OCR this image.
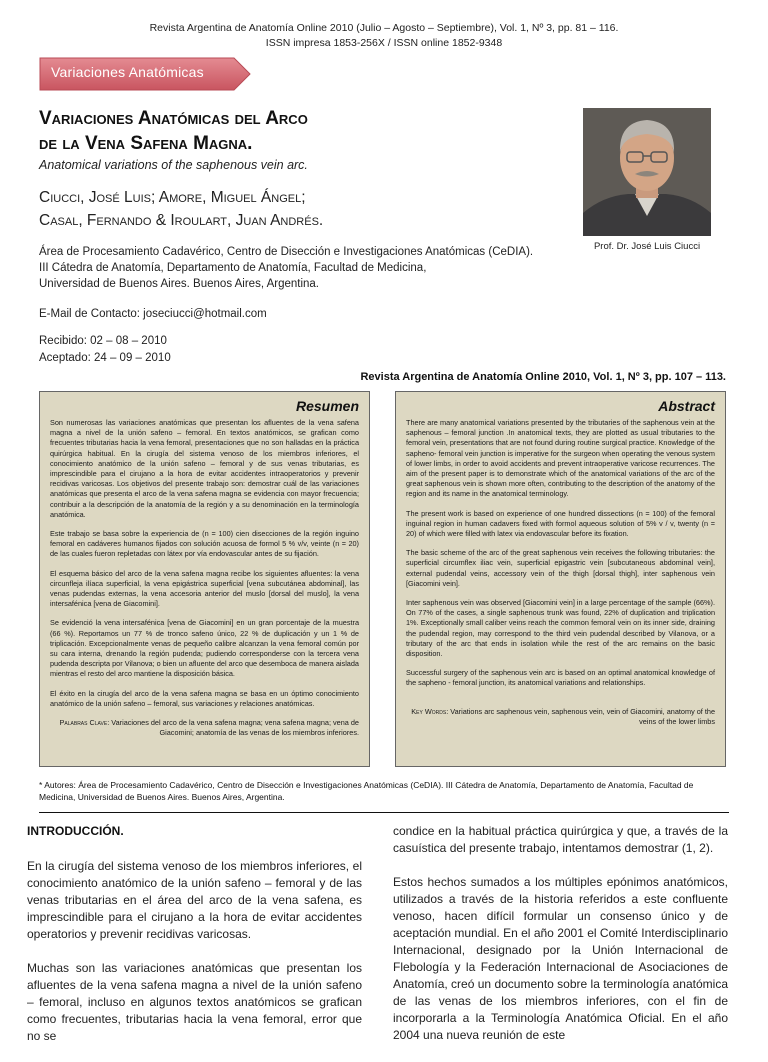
Revista Argentina de Anatomía Online 2010 (Julio – Agosto – Septiembre), Vol. 1, Nº 3, pp. 81 – 116.
ISSN impresa 1853-256X / ISSN online 1852-9348
Variaciones Anatómicas
Variaciones Anatómicas del Arco
de la Vena Safena Magna.
Anatomical variations of the saphenous vein arc.
Ciucci, José Luis; Amore, Miguel Ángel;
Casal, Fernando & Iroulart, Juan Andrés.
Área de Procesamiento Cadavérico, Centro de Disección e Investigaciones Anatómicas (CeDIA).
III Cátedra de Anatomía, Departamento de Anatomía, Facultad de Medicina,
Universidad de Buenos Aires. Buenos Aires, Argentina.
E-Mail de Contacto: joseciucci@hotmail.com
Recibido: 02 – 08 – 2010
Aceptado: 24 – 09 – 2010
Prof. Dr. José Luis Ciucci
Revista Argentina de Anatomía Online 2010, Vol. 1, Nº 3, pp. 107 – 113.
Resumen

Son numerosas las variaciones anatómicas que presentan los afluentes de la vena safena magna a nivel de la unión safeno – femoral. En textos anatómicos, se grafican como frecuentes tributarias hacia la vena femoral, presentaciones que no son halladas en la práctica quirúrgica habitual. En la cirugía del sistema venoso de los miembros inferiores, el conocimiento anatómico de la unión safeno – femoral y de sus venas tributarias, es imprescindible para el cirujano a la hora de evitar accidentes intraoperatorios y prevenir recidivas varicosas. Los objetivos del presente trabajo son: demostrar cuál de las variaciones anatómicas que presenta el arco de la vena safena magna se evidencia con mayor frecuencia; contribuir a la descripción de la anatomía de la región y a su denominación en la terminología anatómica.

Este trabajo se basa sobre la experiencia de (n = 100) cien disecciones de la región inguino femoral en cadáveres humanos fijados con solución acuosa de formol 5 % v/v, veinte (n = 20) de las cuales fueron repletadas con látex por vía endovascular antes de su fijación.

El esquema básico del arco de la vena safena magna recibe los siguientes afluentes: la vena circunfleja ilíaca superficial, la vena epigástrica superficial [vena subcutánea abdominal], las venas pudendas externas, la vena accesoria anterior del muslo [dorsal del muslo], la vena intersafénica [vena de Giacomini].

Se evidenció la vena intersafénica [vena de Giacomini] en un gran porcentaje de la muestra (66 %). Reportamos un 77 % de tronco safeno único, 22 % de duplicación y un 1 % de triplicación. Excepcionalmente venas de pequeño calibre alcanzan la vena femoral común por su cara interna, drenando la región pudenda; pudiendo corresponderse con la tercera vena pudenda descripta por Vilanova; o bien un afluente del arco que desemboca de manera aislada mientras el resto del arco mantiene la disposición básica.

El éxito en la cirugía del arco de la vena safena magna se basa en un óptimo conocimiento anatómico de la unión safeno – femoral, sus variaciones y relaciones anatómicas.

Palabras Clave: Variaciones del arco de la vena safena magna; vena safena magna; vena de Giacomini; anatomía de las venas de los miembros inferiores.

Abstract

There are many anatomical variations presented by the tributaries of the saphenous vein at the saphenous – femoral junction .In anatomical texts, they are plotted as usual tributaries to the femoral vein, presentations that are not found during routine surgical practice. Knowledge of the sapheno- femoral vein junction is imperative for the surgeon when operating the venous system of lower limbs, in order to avoid accidents and prevent intraoperative varicose recurrences. The aim of the present paper is to demonstrate which of the anatomical variations of the arc of the great saphenous vein is shown more often, contributing to the description of the anatomy of the region and its name in the anatomical terminology.

The present work is based on experience of one hundred dissections (n = 100) of the femoral inguinal region in human cadavers fixed with formol aqueous solution of 5% v / v, twenty (n = 20) of which were filled with latex via endovascular before its fixation.

The basic scheme of the arc of the great saphenous vein receives the following tributaries: the superficial circumflex iliac vein, superficial epigastric vein [subcutaneous abdominal vein], external pudendal veins, accessory vein of the thigh [dorsal thigh], inter saphenous vein [Giacomini vein].

Inter saphenous vein was observed [Giacomini vein] in a large percentage of the sample (66%). On 77% of the cases, a single saphenous trunk was found, 22% of duplication and triplication 1%. Exceptionally small caliber veins reach the common femoral vein on its inner side, draining the pudendal region, may correspond to the third vein pudendal described by Vilanova, or a tributary of the arc that ends in isolation while the rest of the arc remains on the basic disposition.

Successful surgery of the saphenous vein arc is based on an optimal anatomical knowledge of the sapheno - femoral junction, its anatomical variations and relationships.

Key Words: Variations arc saphenous vein, saphenous vein, vein of Giacomini, anatomy of the veins of the lower limbs

* Autores: Área de Procesamiento Cadavérico, Centro de Disección e Investigaciones Anatómicas (CeDIA). III Cátedra de Anatomía, Departamento de Anatomía, Facultad de Medicina, Universidad de Buenos Aires. Buenos Aires, Argentina.
INTRODUCCIÓN.

En la cirugía del sistema venoso de los miembros inferiores, el conocimiento anatómico de la unión safeno – femoral y de las venas tributarias en el área del arco de la vena safena, es imprescindible para el cirujano a la hora de evitar accidentes operatorios y prevenir recidivas varicosas.

Muchas son las variaciones anatómicas que presentan los afluentes de la vena safena magna a nivel de la unión safeno – femoral, incluso en algunos textos anatómicos se grafican como frecuentes, tributarias hacia la vena femoral, error que no se

condice en la habitual práctica quirúrgica y que, a través de la casuística del presente trabajo, intentamos demostrar (1, 2).

Estos hechos sumados a los múltiples epónimos anatómicos, utilizados a través de la historia referidos a este confluente venoso, hacen difícil formular un consenso único y de aceptación mundial. En el año 2001 el Comité Interdisciplinario Internacional, designado por la Unión Internacional de Flebología y la Federación Internacional de Asociaciones de Anatomía, creó un documento sobre la terminología anatómica de las venas de los miembros inferiores, con el fin de incorporarla a la Terminología Anatómica Oficial. En el año 2004 una nueva reunión de este
